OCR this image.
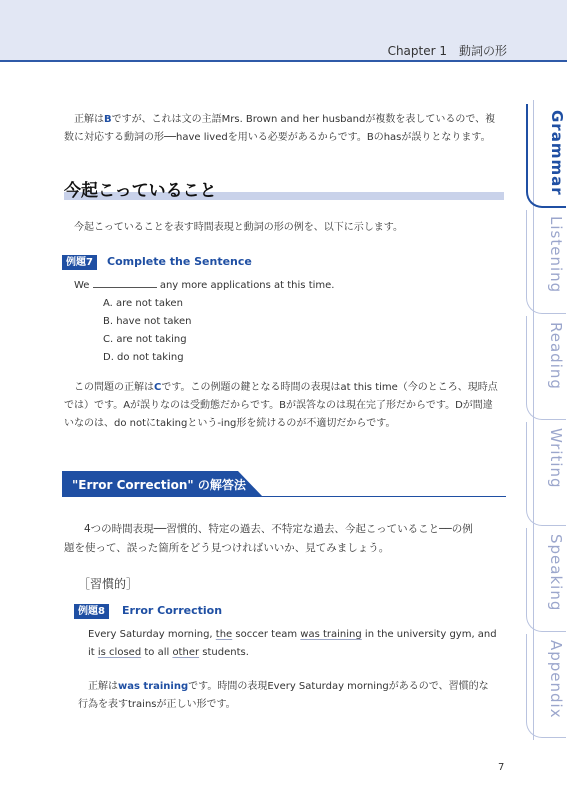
Chapter 1　動詞の形
正解はBですが、これは文の主語Mrs. Brown and her husbandが複数を表しているので、複
数に対応する動詞の形──have livedを用いる必要があるからです。Bのhasが誤りとなります。
今起こっていること
今起こっていることを表す時間表現と動詞の形の例を、以下に示します。
例題7	Complete the Sentence
We	any more applications at this time.
A. are not taken
B. have not taken
C. are not taking
D. do not taking
この問題の正解はCです。この例題の鍵となる時間の表現はat this time（今のところ、現時点
では）です。Aが誤りなのは受動態だからです。Bが誤答なのは現在完了形だからです。Dが間違
いなのは、do notにtakingという-ing形を続けるのが不適切だからです。
"Error Correction" の解答法
4つの時間表現──習慣的、特定の過去、不特定な過去、今起こっていること──の例
題を使って、誤った箇所をどう見つければいいか、見てみましょう。
［習慣的］
例題8	Error Correction
Every Saturday morning, the soccer team was training in the university gym, and
it is closed to all other students.
正解はwas trainingです。時間の表現Every Saturday morningがあるので、習慣的な
行為を表すtrainsが正しい形です。
Grammar
Listening
Reading
Writing
Speaking
Appendix
7
